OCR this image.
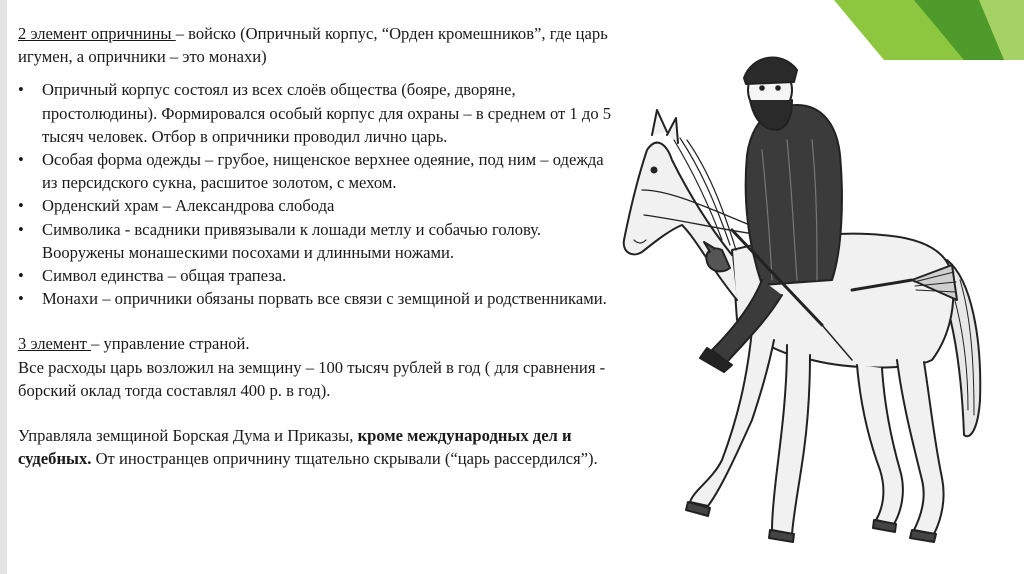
2 элемент опричнины – войско (Опричный корпус, “Орден кромешников”, где царь игумен, а опричники – это монахи)

• Опричный корпус состоял из всех слоёв общества (бояре, дворяне, простолюдины). Формировался особый корпус для охраны – в среднем от 1 до 5 тысяч человек. Отбор в опричники проводил лично царь.
• Особая форма одежды – грубое, нищенское верхнее одеяние, под ним – одежда из персидского сукна, расшитое золотом, с мехом.
• Орденский храм – Александрова слобода
• Символика - всадники привязывали к лошади метлу и собачью голову. Вооружены монашескими посохами и длинными ножами.
• Символ единства – общая трапеза.
• Монахи – опричники обязаны порвать все связи с земщиной и родственниками.

3 элемент – управление страной.

Все расходы царь возложил на земщину – 100 тысяч рублей в год ( для сравнения - борский оклад тогда составлял 400 р. в год).

Управляла земщиной Борская Дума и Приказы, кроме международных дел и судебных. От иностранцев опричнину тщательно скрывали (“царь рассердился”).
